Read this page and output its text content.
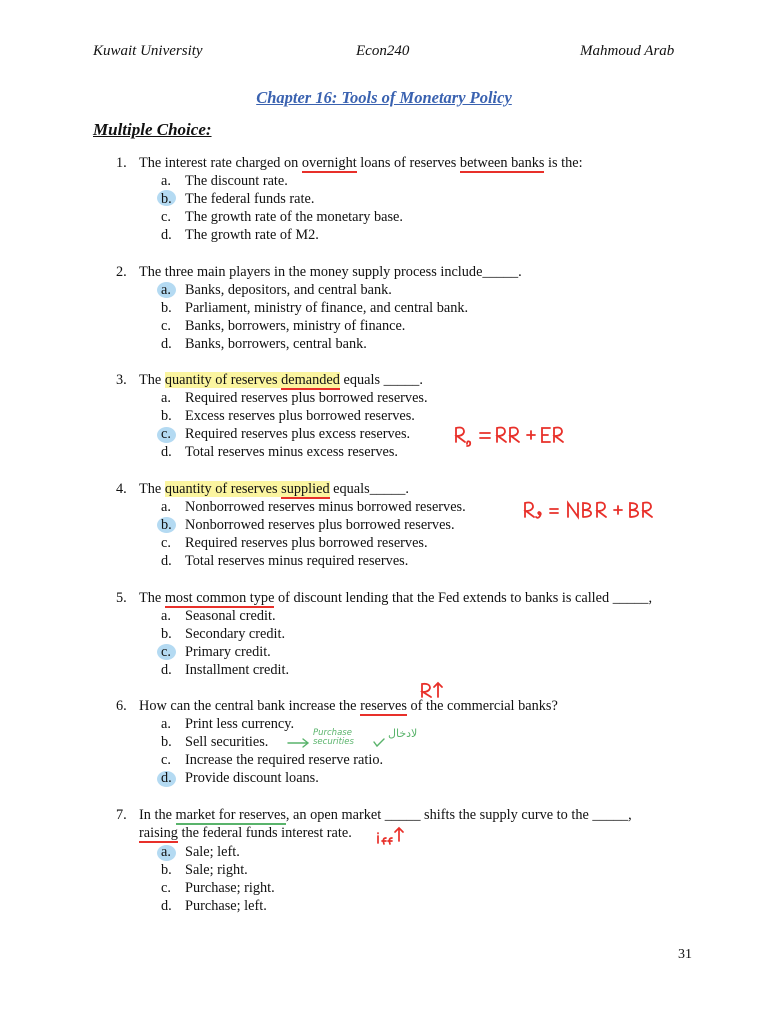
Kuwait University	Econ240	Mahmoud Arab
Chapter 16: Tools of Monetary Policy
Multiple Choice:
1. The interest rate charged on overnight loans of reserves between banks is the:
a. The discount rate.
b. The federal funds rate.
c. The growth rate of the monetary base.
d. The growth rate of M2.
2. The three main players in the money supply process include_____.
a. Banks, depositors, and central bank.
b. Parliament, ministry of finance, and central bank.
c. Banks, borrowers, ministry of finance.
d. Banks, borrowers, central bank.
3. The quantity of reserves demanded equals _____.
a. Required reserves plus borrowed reserves.
b. Excess reserves plus borrowed reserves.
c. Required reserves plus excess reserves.
d. Total reserves minus excess reserves.
4. The quantity of reserves supplied equals_____.
a. Nonborrowed reserves minus borrowed reserves.
b. Nonborrowed reserves plus borrowed reserves.
c. Required reserves plus borrowed reserves.
d. Total reserves minus required reserves.
5. The most common type of discount lending that the Fed extends to banks is called _____,
a. Seasonal credit.
b. Secondary credit.
c. Primary credit.
d. Installment credit.
6. How can the central bank increase the reserves of the commercial banks?
a. Print less currency.
b. Sell securities.
c. Increase the required reserve ratio.
d. Provide discount loans.
Purchase securities
لادخال
7. In the market for reserves, an open market _____ shifts the supply curve to the _____,
raising the federal funds interest rate.
a. Sale; left.
b. Sale; right.
c. Purchase; right.
d. Purchase; left.
31
